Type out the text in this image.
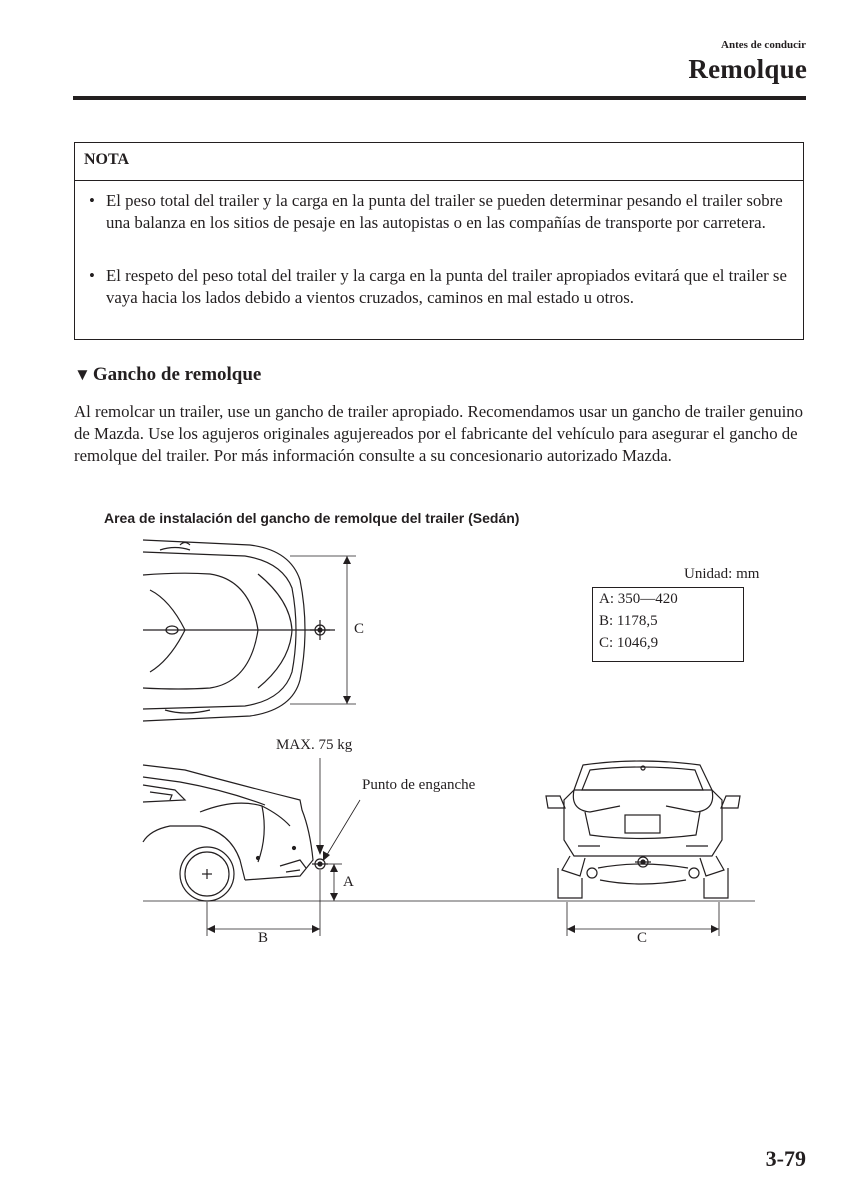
Antes de conducir
Remolque
NOTA
• El peso total del trailer y la carga en la punta del trailer se pueden determinar pesando el trailer sobre una balanza en los sitios de pesaje en las autopistas o en las compañías de transporte por carretera.
• El respeto del peso total del trailer y la carga en la punta del trailer apropiados evitará que el trailer se vaya hacia los lados debido a vientos cruzados, caminos en mal estado u otros.
▼ Gancho de remolque
Al remolcar un trailer, use un gancho de trailer apropiado. Recomendamos usar un gancho de trailer genuino de Mazda. Use los agujeros originales agujereados por el fabricante del vehículo para asegurar el gancho de remolque del trailer. Por más información consulte a su concesionario autorizado Mazda.
Area de instalación del gancho de remolque del trailer (Sedán)
C
MAX. 75 kg
Punto de enganche
A
B	C
Unidad: mm
A: 350—420
B: 1178,5
C: 1046,9
3-79
